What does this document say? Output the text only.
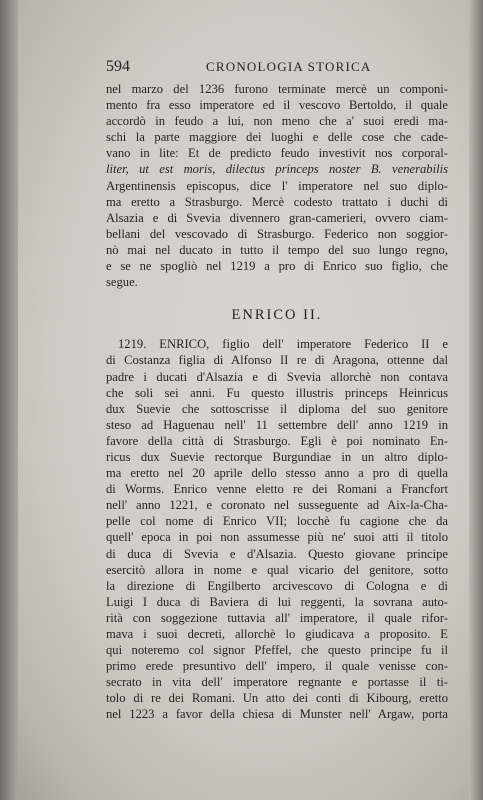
594	CRONOLOGIA STORICA
nel marzo del 1236 furono terminate mercè un componi-
mento fra esso imperatore ed il vescovo Bertoldo, il quale
accordò in feudo a lui, non meno che a' suoi eredi ma-
schi la parte maggiore dei luoghi e delle cose che cade-
vano in lite: Et de predicto feudo investivit nos corporal-
liter, ut est moris, dilectus princeps noster B. venerabilis
Argentinensis episcopus, dice l' imperatore nel suo diplo-
ma eretto a Strasburgo. Mercè codesto trattato i duchi di
Alsazia e di Svevia divennero gran-camerieri, ovvero ciam-
bellani del vescovado di Strasburgo. Federico non soggior-
nò mai nel ducato in tutto il tempo del suo lungo regno,
e se ne spogliò nel 1219 a pro di Enrico suo figlio, che
segue.
ENRICO II.
1219. ENRICO, figlio dell' imperatore Federico II e
di Costanza figlia di Alfonso II re di Aragona, ottenne dal
padre i ducati d'Alsazia e di Svevia allorchè non contava
che soli sei anni. Fu questo illustris princeps Heinricus
dux Suevie che sottoscrisse il diploma del suo genitore
steso ad Haguenau nell' 11 settembre dell' anno 1219 in
favore della città di Strasburgo. Egli è poi nominato En-
ricus dux Suevie rectorque Burgundiae in un altro diplo-
ma eretto nel 20 aprile dello stesso anno a pro di quella
di Worms. Enrico venne eletto re dei Romani a Francfort
nell' anno 1221, e coronato nel susseguente ad Aix-la-Cha-
pelle col nome di Enrico VII; locchè fu cagione che da
quell' epoca in poi non assumesse più ne' suoi atti il titolo
di duca di Svevia e d'Alsazia. Questo giovane principe
esercitò allora in nome e qual vicario del genitore, sotto
la direzione di Engilberto arcivescovo di Cologna e di
Luigi I duca di Baviera di lui reggenti, la sovrana auto-
rità con soggezione tuttavia all' imperatore, il quale rifor-
mava i suoi decreti, allorchè lo giudicava a proposito. E
qui noteremo col signor Pfeffel, che questo principe fu il
primo erede presuntivo dell' impero, il quale venisse con-
secrato in vita dell' imperatore regnante e portasse il ti-
tolo di re dei Romani. Un atto dei conti di Kibourg, eretto
nel 1223 a favor della chiesa di Munster nell' Argaw, porta
